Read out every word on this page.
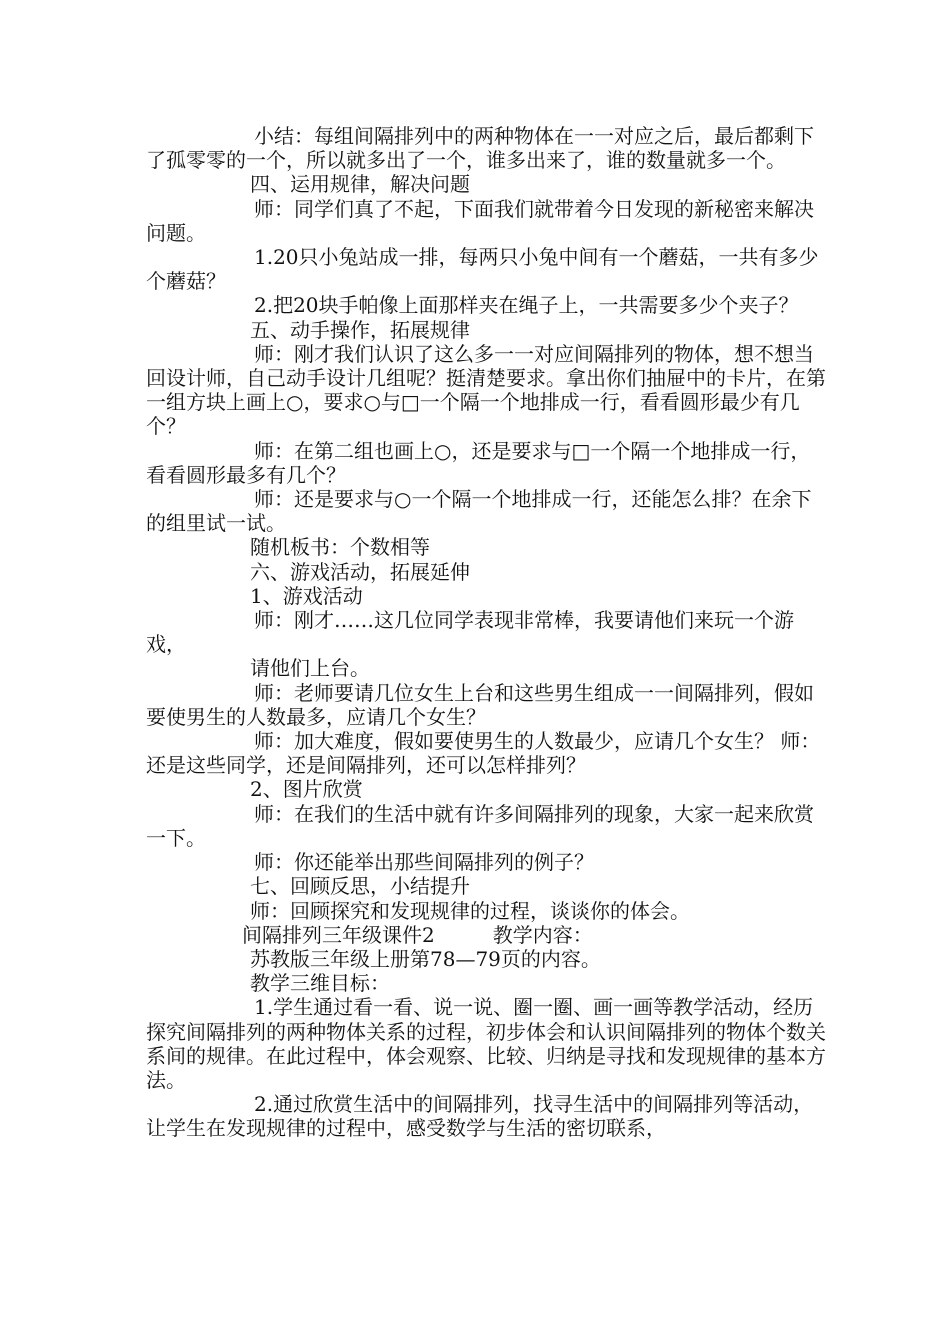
小结：每组间隔排列中的两种物体在一一对应之后，最后都剩下了孤零零的一个，所以就多出了一个，谁多出来了，谁的数量就多一个。

四、运用规律，解决问题

师：同学们真了不起，下面我们就带着今日发现的新秘密来解决问题。

1.20只小兔站成一排，每两只小兔中间有一个蘑菇，一共有多少个蘑菇？

2.把20块手帕像上面那样夹在绳子上，一共需要多少个夹子？

五、动手操作，拓展规律

师：刚才我们认识了这么多一一对应间隔排列的物体，想不想当回设计师，自己动手设计几组呢？挺清楚要求。拿出你们抽屉中的卡片，在第一组方块上画上○，要求○与□一个隔一个地排成一行，看看圆形最少有几个？

师：在第二组也画上○，还是要求与□一个隔一个地排成一行，看看圆形最多有几个？

师：还是要求与○一个隔一个地排成一行，还能怎么排？在余下的组里试一试。

随机板书：个数相等

六、游戏活动，拓展延伸

1、游戏活动

师：刚才……这几位同学表现非常棒，我要请他们来玩一个游戏，

请他们上台。

师：老师要请几位女生上台和这些男生组成一一间隔排列，假如要使男生的人数最多，应请几个女生？

师：加大难度，假如要使男生的人数最少，应请几个女生？ 师：还是这些同学，还是间隔排列，还可以怎样排列？

2、图片欣赏

师：在我们的生活中就有许多间隔排列的现象，大家一起来欣赏一下。

师：你还能举出那些间隔排列的例子？

七、回顾反思，小结提升

师：回顾探究和发现规律的过程，谈谈你的体会。

间隔排列三年级课件2	教学内容：

苏教版三年级上册第78—79页的内容。

教学三维目标：

1.学生通过看一看、说一说、圈一圈、画一画等教学活动，经历探究间隔排列的两种物体关系的过程，初步体会和认识间隔排列的物体个数关系间的规律。在此过程中，体会观察、比较、归纳是寻找和发现规律的基本方法。

2.通过欣赏生活中的间隔排列，找寻生活中的间隔排列等活动，让学生在发现规律的过程中，感受数学与生活的密切联系，
